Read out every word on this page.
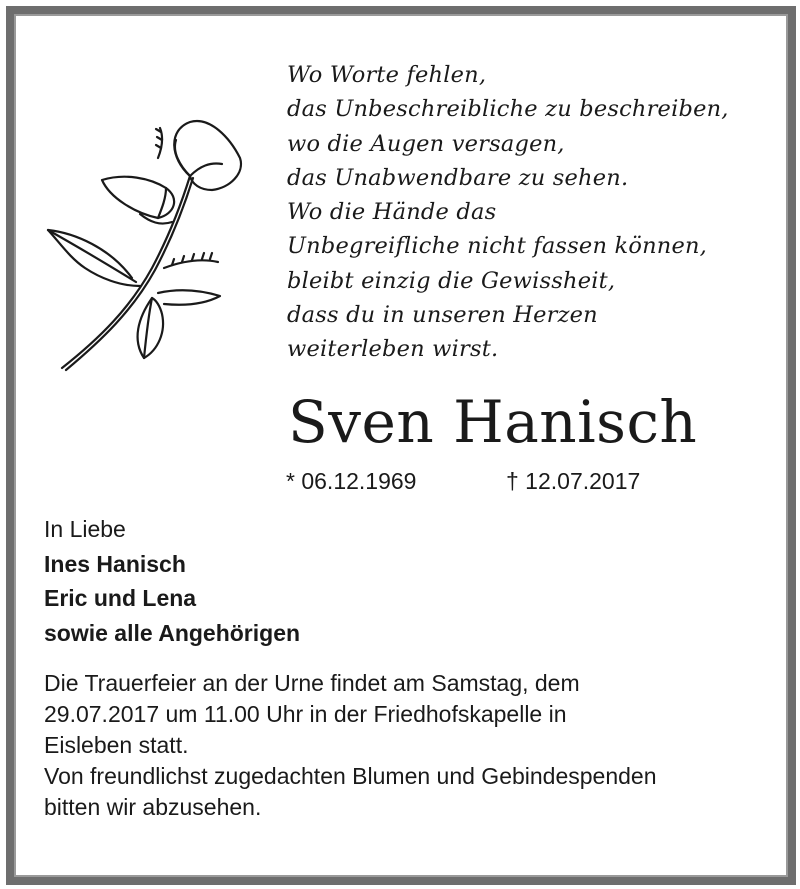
Wo Worte fehlen,
das Unbeschreibliche zu beschreiben,
wo die Augen versagen,
das Unabwendbare zu sehen.
Wo die Hände das
Unbegreifliche nicht fassen können,
bleibt einzig die Gewissheit,
dass du in unseren Herzen
weiterleben wirst.
Sven Hanisch
* 06.12.1969	† 12.07.2017
In Liebe
Ines Hanisch
Eric und Lena
sowie alle Angehörigen
Die Trauerfeier an der Urne findet am Samstag, dem
29.07.2017 um 11.00 Uhr in der Friedhofskapelle in
Eisleben statt.
Von freundlichst zugedachten Blumen und Gebindespenden
bitten wir abzusehen.
